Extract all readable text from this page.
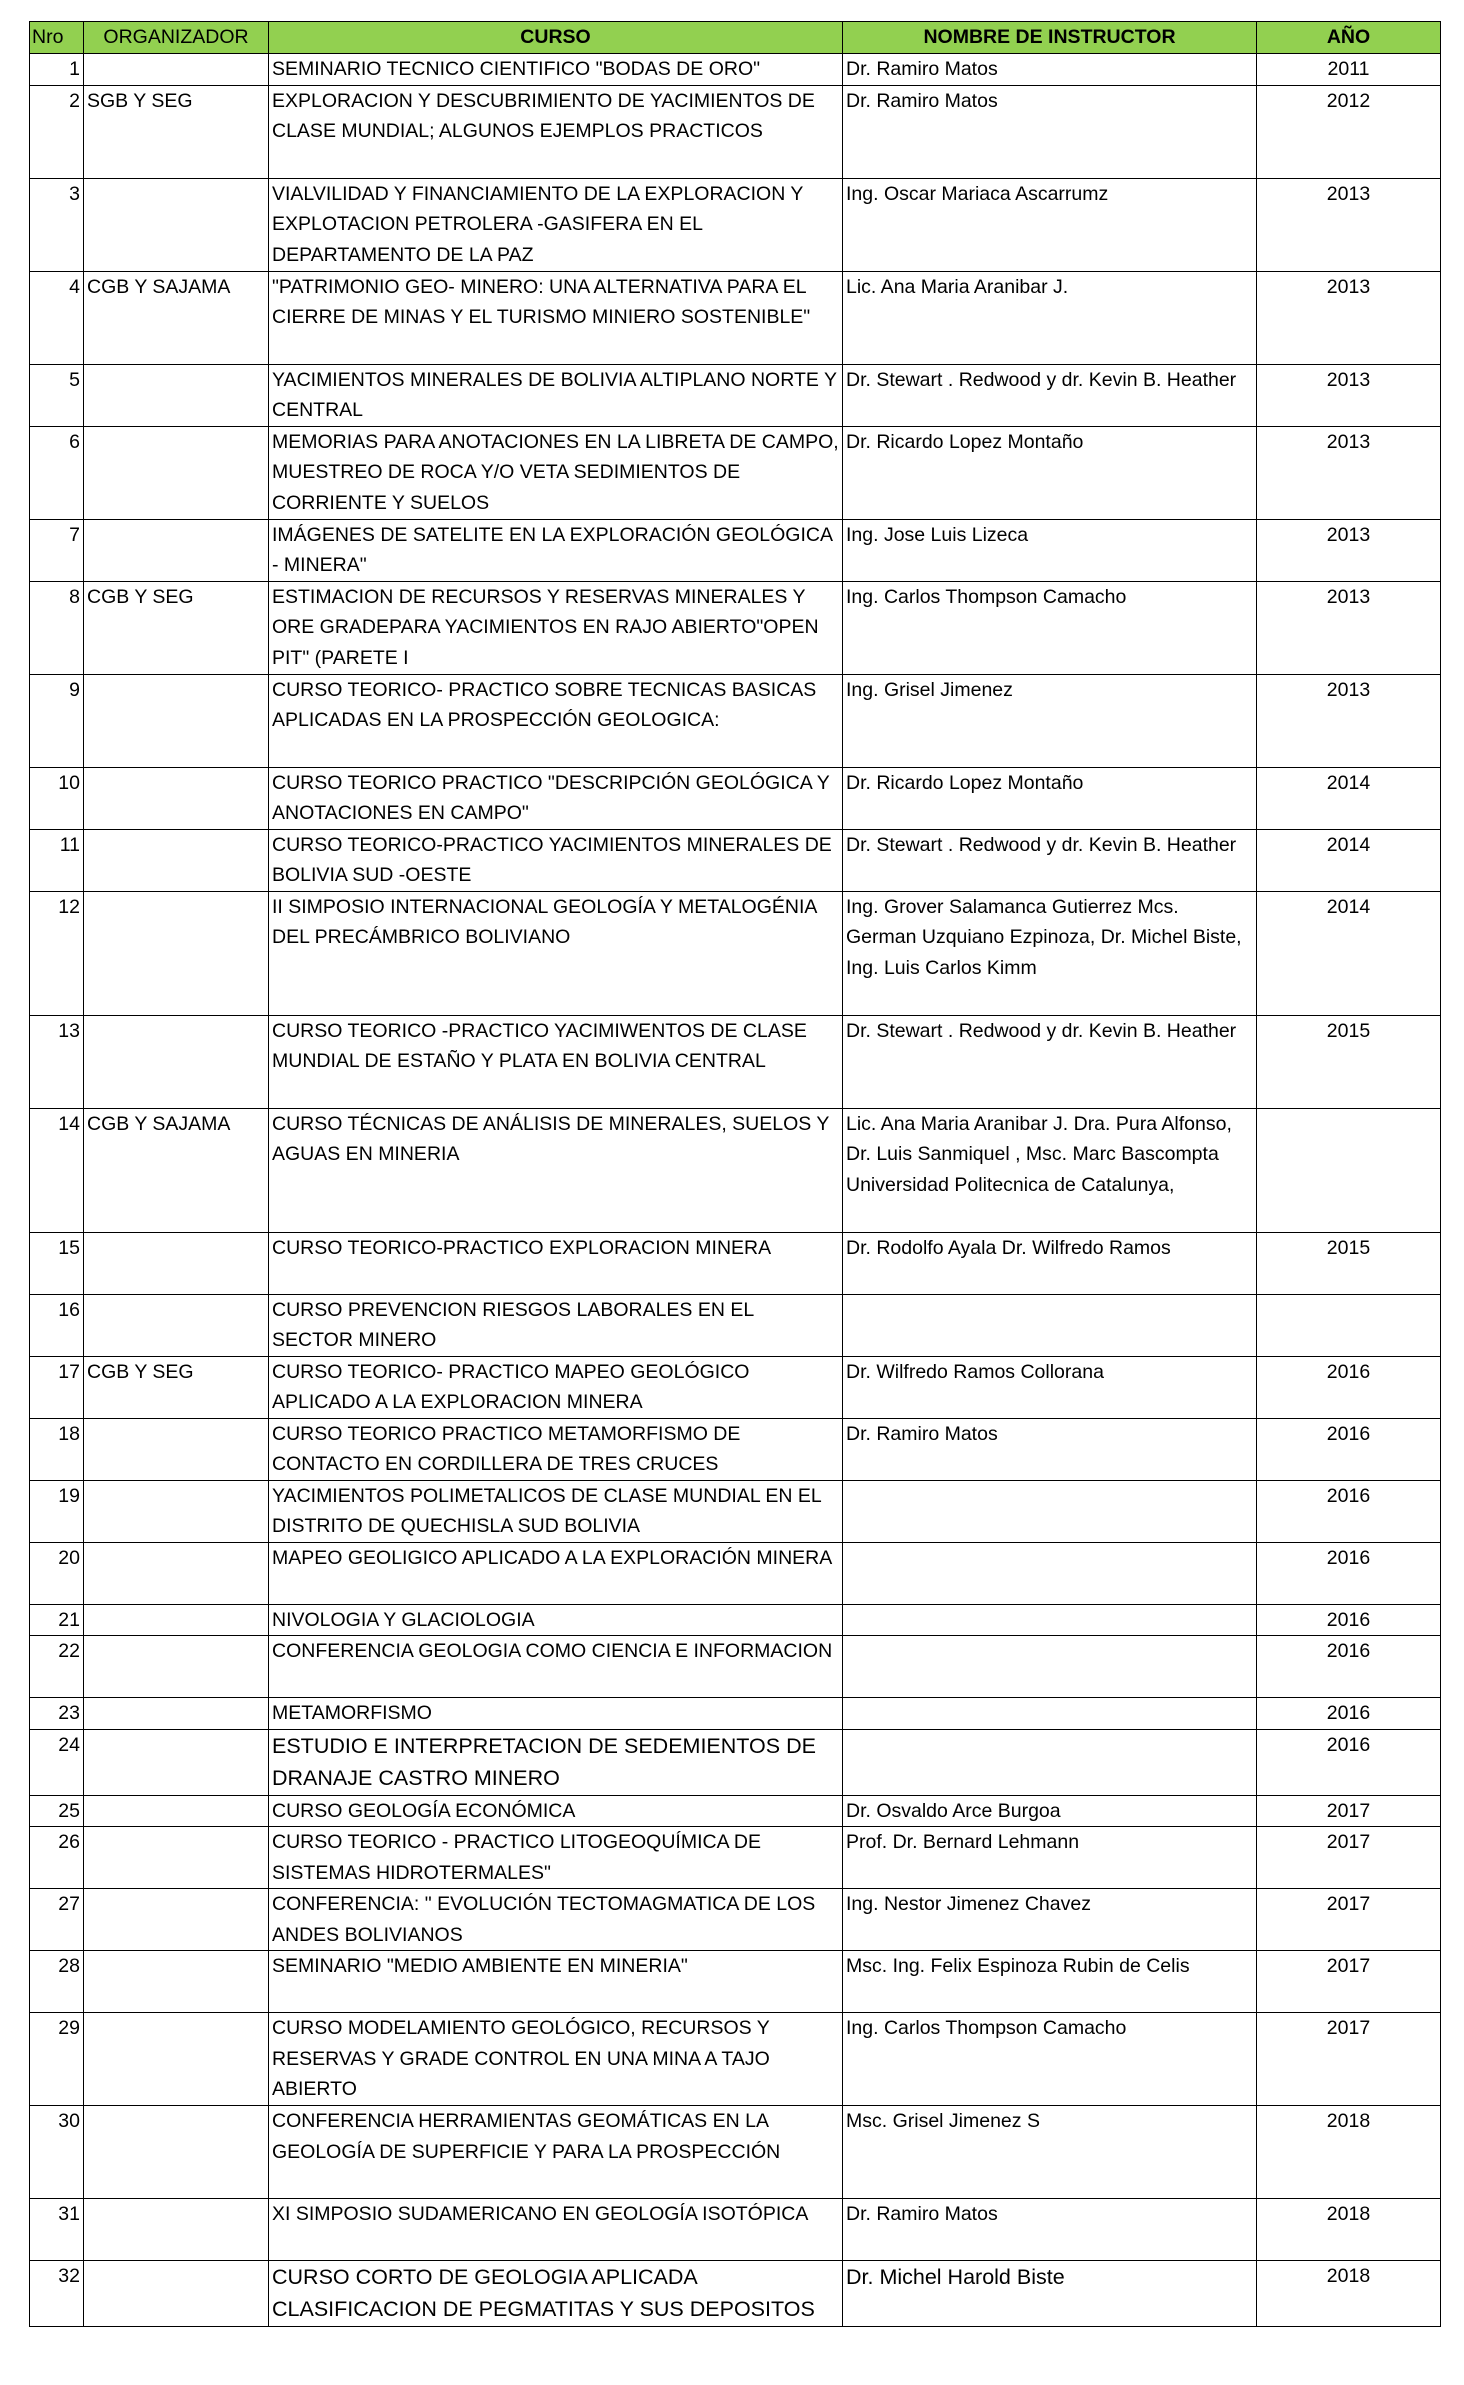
Nro	ORGANIZADOR	CURSO	NOMBRE DE INSTRUCTOR	AÑO
1		SEMINARIO TECNICO CIENTIFICO "BODAS DE ORO"	Dr. Ramiro Matos	2011
2	SGB Y SEG	EXPLORACION Y DESCUBRIMIENTO DE YACIMIENTOS DE CLASE MUNDIAL; ALGUNOS EJEMPLOS PRACTICOS	Dr. Ramiro Matos	2012
3		VIALVILIDAD Y FINANCIAMIENTO DE LA EXPLORACION Y EXPLOTACION PETROLERA -GASIFERA EN EL DEPARTAMENTO DE LA PAZ	Ing. Oscar Mariaca Ascarrumz	2013
4	CGB Y SAJAMA	"PATRIMONIO GEO- MINERO: UNA ALTERNATIVA PARA EL CIERRE DE MINAS Y EL TURISMO MINIERO SOSTENIBLE"	Lic. Ana Maria Aranibar J.	2013
5		YACIMIENTOS MINERALES DE BOLIVIA ALTIPLANO NORTE Y CENTRAL	Dr. Stewart . Redwood y dr. Kevin B. Heather	2013
6		MEMORIAS PARA ANOTACIONES EN LA LIBRETA DE CAMPO, MUESTREO DE ROCA Y/O VETA SEDIMIENTOS DE CORRIENTE Y SUELOS	Dr. Ricardo Lopez Montaño	2013
7		IMÁGENES DE SATELITE EN LA EXPLORACIÓN GEOLÓGICA - MINERA"	Ing. Jose Luis Lizeca	2013
8	CGB Y SEG	ESTIMACION DE RECURSOS Y RESERVAS MINERALES Y ORE GRADEPARA YACIMIENTOS EN RAJO ABIERTO"OPEN PIT" (PARETE I	Ing. Carlos Thompson Camacho	2013
9		CURSO TEORICO- PRACTICO SOBRE TECNICAS BASICAS APLICADAS EN LA PROSPECCIÓN GEOLOGICA:	Ing. Grisel Jimenez	2013
10		CURSO TEORICO PRACTICO "DESCRIPCIÓN GEOLÓGICA Y ANOTACIONES EN CAMPO"	Dr. Ricardo Lopez Montaño	2014
11		CURSO TEORICO-PRACTICO YACIMIENTOS MINERALES DE BOLIVIA SUD -OESTE	Dr. Stewart . Redwood y dr. Kevin B. Heather	2014
12		II SIMPOSIO INTERNACIONAL GEOLOGÍA Y METALOGÉNIA DEL PRECÁMBRICO BOLIVIANO	Ing. Grover Salamanca Gutierrez Mcs. German Uzquiano Ezpinoza, Dr. Michel Biste, Ing. Luis Carlos Kimm	2014
13		CURSO TEORICO -PRACTICO YACIMIWENTOS DE CLASE MUNDIAL DE ESTAÑO Y PLATA EN BOLIVIA CENTRAL	Dr. Stewart . Redwood y dr. Kevin B. Heather	2015
14	CGB Y SAJAMA	CURSO TÉCNICAS DE ANÁLISIS DE MINERALES, SUELOS Y AGUAS EN MINERIA	Lic. Ana Maria Aranibar J. Dra. Pura Alfonso, Dr. Luis Sanmiquel , Msc. Marc Bascompta Universidad Politecnica de Catalunya,	
15		CURSO TEORICO-PRACTICO EXPLORACION MINERA	Dr. Rodolfo Ayala Dr. Wilfredo Ramos	2015
16		CURSO PREVENCION RIESGOS LABORALES EN EL SECTOR MINERO		
17	CGB Y SEG	CURSO TEORICO- PRACTICO MAPEO GEOLÓGICO APLICADO A LA EXPLORACION MINERA	Dr. Wilfredo Ramos Collorana	2016
18		CURSO TEORICO PRACTICO METAMORFISMO DE CONTACTO EN CORDILLERA DE TRES CRUCES	Dr. Ramiro Matos	2016
19		YACIMIENTOS POLIMETALICOS DE CLASE MUNDIAL EN EL DISTRITO DE QUECHISLA SUD BOLIVIA		2016
20		MAPEO GEOLIGICO APLICADO A LA EXPLORACIÓN MINERA		2016
21		NIVOLOGIA Y GLACIOLOGIA		2016
22		CONFERENCIA GEOLOGIA COMO CIENCIA E INFORMACION		2016
23		METAMORFISMO		2016
24		ESTUDIO E INTERPRETACION DE SEDEMIENTOS DE DRANAJE CASTRO MINERO		2016
25		CURSO GEOLOGÍA ECONÓMICA	Dr. Osvaldo Arce Burgoa	2017
26		CURSO TEORICO - PRACTICO LITOGEOQUÍMICA DE SISTEMAS HIDROTERMALES"	Prof. Dr. Bernard Lehmann	2017
27		CONFERENCIA: " EVOLUCIÓN TECTOMAGMATICA DE LOS ANDES BOLIVIANOS	Ing. Nestor Jimenez Chavez	2017
28		SEMINARIO "MEDIO AMBIENTE EN MINERIA"	Msc. Ing. Felix Espinoza Rubin de Celis	2017
29		CURSO MODELAMIENTO GEOLÓGICO, RECURSOS Y RESERVAS Y GRADE CONTROL EN UNA MINA A TAJO ABIERTO	Ing. Carlos Thompson Camacho	2017
30		CONFERENCIA HERRAMIENTAS GEOMÁTICAS EN LA GEOLOGÍA DE SUPERFICIE Y PARA LA PROSPECCIÓN	Msc. Grisel Jimenez S	2018
31		XI SIMPOSIO SUDAMERICANO EN GEOLOGÍA ISOTÓPICA	Dr. Ramiro Matos	2018
32		CURSO CORTO DE GEOLOGIA APLICADA CLASIFICACION DE PEGMATITAS Y SUS DEPOSITOS	Dr. Michel Harold Biste	2018
